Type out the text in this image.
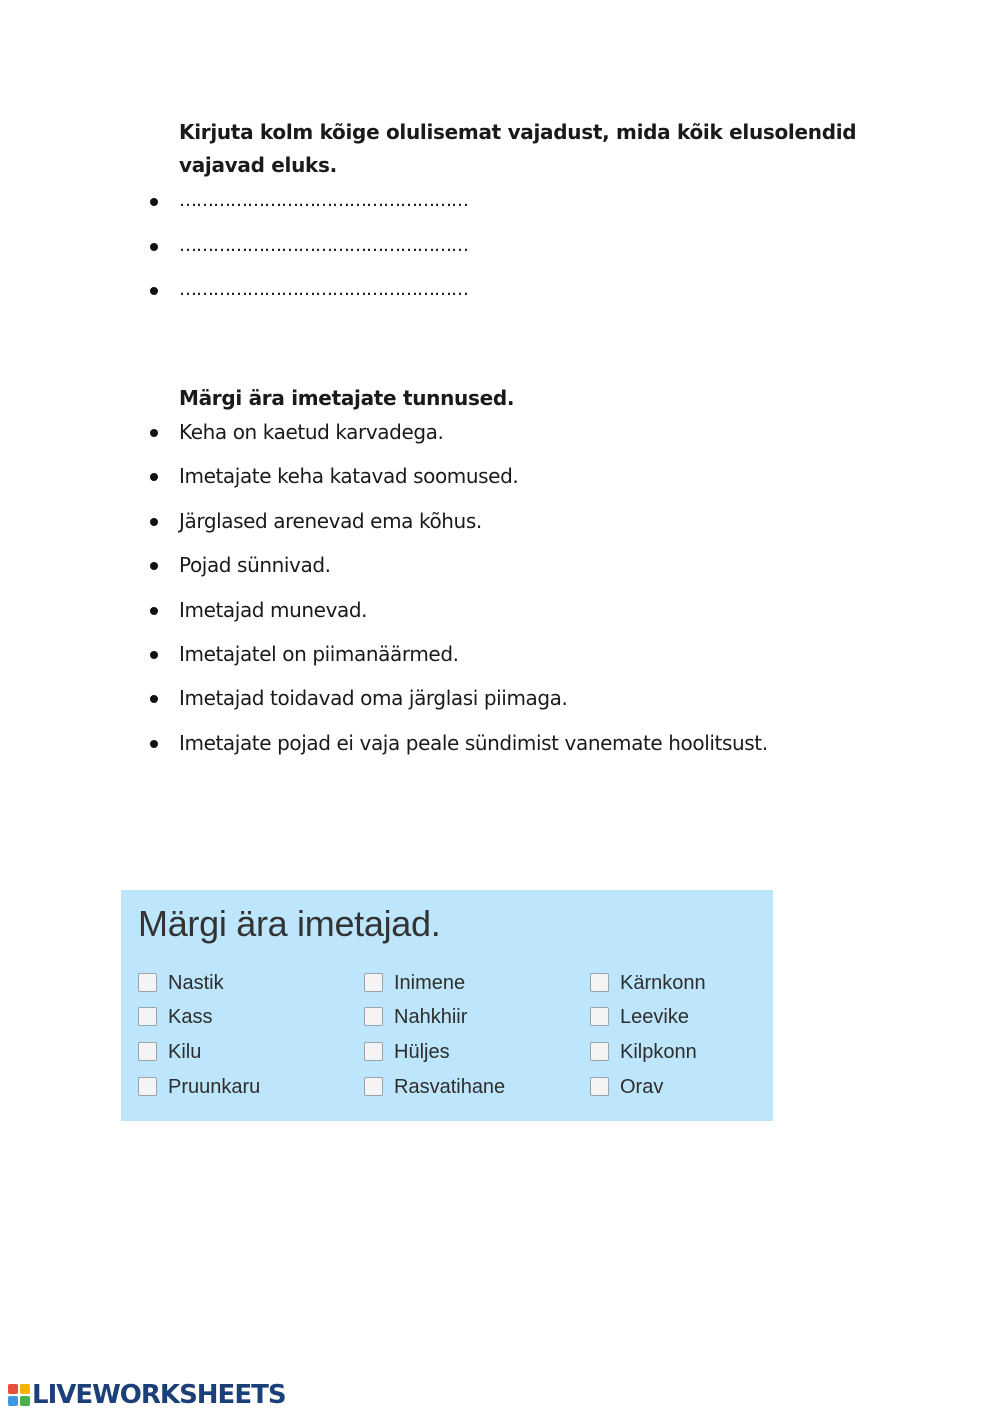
Kirjuta kolm kõige olulisemat vajadust, mida kõik elusolendid vajavad eluks.
……………………………………………
……………………………………………
……………………………………………
Märgi ära imetajate tunnused.
Keha on kaetud karvadega.
Imetajate keha katavad soomused.
Järglased arenevad ema kõhus.
Pojad sünnivad.
Imetajad munevad.
Imetajatel on piimanäärmed.
Imetajad toidavad oma järglasi piimaga.
Imetajate pojad ei vaja peale sündimist vanemate hoolitsust.
Märgi ära imetajad.
Nastik	Inimene	Kärnkonn
Kass	Nahkhiir	Leevike
Kilu	Hüljes	Kilpkonn
Pruunkaru	Rasvatihane	Orav
LIVEWORKSHEETS
